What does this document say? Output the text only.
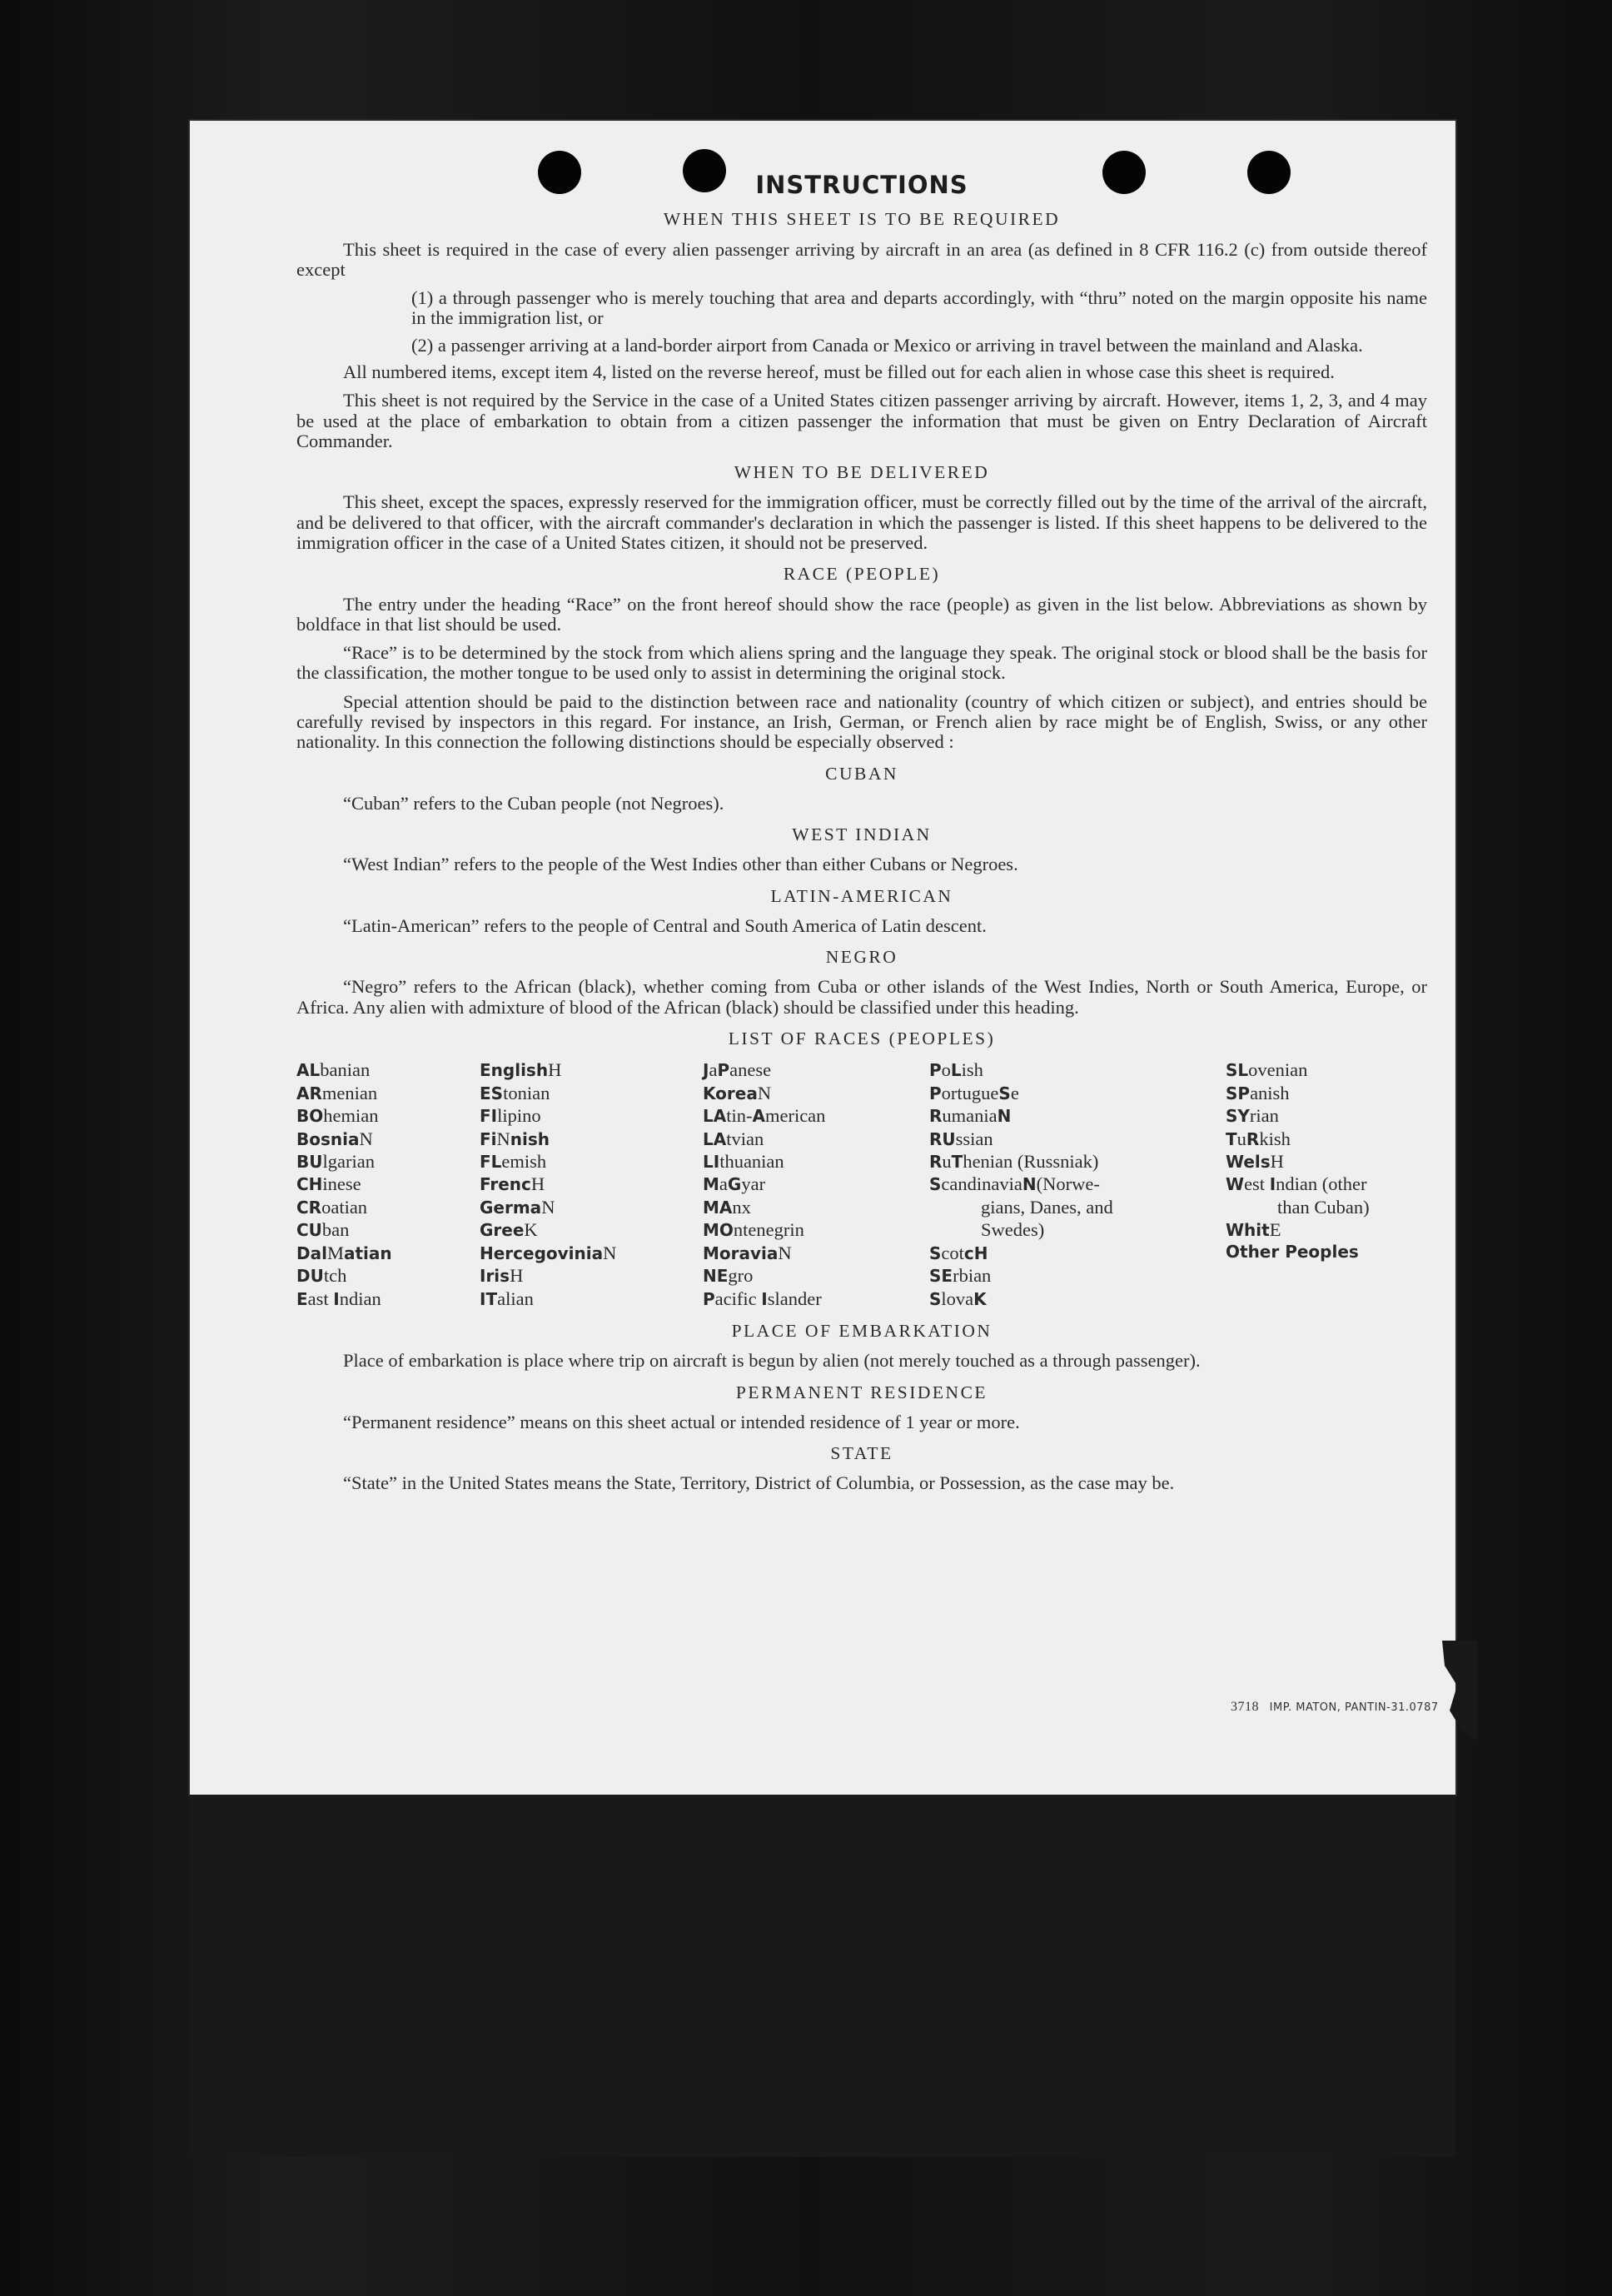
INSTRUCTIONS
WHEN THIS SHEET IS TO BE REQUIRED

This sheet is required in the case of every alien passenger arriving by aircraft in an area (as defined in 8 CFR 116.2 (c) from outside thereof except

(1) a through passenger who is merely touching that area and departs accordingly, with “thru” noted on the margin opposite his name in the immigration list, or

(2) a passenger arriving at a land-border airport from Canada or Mexico or arriving in travel between the mainland and Alaska.

All numbered items, except item 4, listed on the reverse hereof, must be filled out for each alien in whose case this sheet is required.

This sheet is not required by the Service in the case of a United States citizen passenger arriving by aircraft. However, items 1, 2, 3, and 4 may be used at the place of embarkation to obtain from a citizen passenger the information that must be given on Entry Declaration of Aircraft Commander.

WHEN TO BE DELIVERED

This sheet, except the spaces, expressly reserved for the immigration officer, must be correctly filled out by the time of the arrival of the aircraft, and be delivered to that officer, with the aircraft commander's declaration in which the passenger is listed. If this sheet happens to be delivered to the immigration officer in the case of a United States citizen, it should not be preserved.

RACE (PEOPLE)

The entry under the heading “Race” on the front hereof should show the race (people) as given in the list below. Abbreviations as shown by boldface in that list should be used.

“Race” is to be determined by the stock from which aliens spring and the language they speak. The original stock or blood shall be the basis for the classification, the mother tongue to be used only to assist in determining the original stock.

Special attention should be paid to the distinction between race and nationality (country of which citizen or subject), and entries should be carefully revised by inspectors in this regard. For instance, an Irish, German, or French alien by race might be of English, Swiss, or any other nationality. In this connection the following distinctions should be especially observed :

CUBAN

“Cuban” refers to the Cuban people (not Negroes).

WEST INDIAN

“West Indian” refers to the people of the West Indies other than either Cubans or Negroes.

LATIN-AMERICAN

“Latin-American” refers to the people of Central and South America of Latin descent.

NEGRO

“Negro” refers to the African (black), whether coming from Cuba or other islands of the West Indies, North or South America, Europe, or Africa. Any alien with admixture of blood of the African (black) should be classified under this heading.

LIST OF RACES (PEOPLES)
ALbanian
ARmenian
BOhemian
BosniaN
BUlgarian
CHinese
CRoatian
CUban
DalMatian
DUtch
East Indian
EnglishH
EStonian
FIlipino
FiNnish
FLemish
FrencH
GermaN
GreeK
HercegoviniaN
IrisH
ITalian
JaPanese
KoreaN
LAtin-American
LAtvian
LIthuanian
MaGyar
MAnx
MOntenegrin
MoraviaN
NEgro
Pacific Islander
PoLish
PortugueSe
RumaniaN
RUssian
RuThenian (Russniak)
ScandinaviaN(Norwe-
gians, Danes, and
Swedes)
ScotcH
SErbian
SlovaK
SLovenian
SPanish
SYrian
TuRkish
WelsH
West Indian (other
than Cuban)
WhitE
Other Peoples
PLACE OF EMBARKATION

Place of embarkation is place where trip on aircraft is begun by alien (not merely touched as a through passenger).

PERMANENT RESIDENCE

“Permanent residence” means on this sheet actual or intended residence of 1 year or more.

STATE

“State” in the United States means the State, Territory, District of Columbia, or Possession, as the case may be.

3718 IMP. MATON, PANTIN-31.0787
